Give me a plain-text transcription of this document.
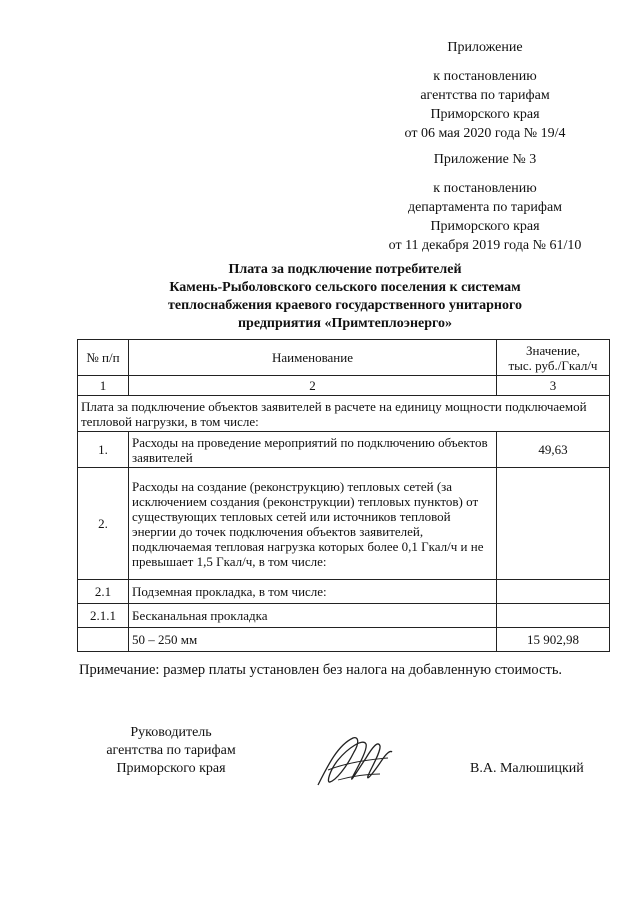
Приложение
к постановлению
агентства по тарифам
Приморского края
от 06 мая 2020 года № 19/4
Приложение № 3
к постановлению
департамента по тарифам
Приморского края
от 11 декабря 2019 года № 61/10
Плата за подключение потребителей
Камень-Рыболовского сельского поселения к системам
теплоснабжения краевого государственного унитарного
предприятия «Примтеплоэнерго»
№ п/п	Наименование	Значение,
тыс. руб./Гкал/ч

1	2	3
Плата за подключение объектов заявителей в расчете на единицу мощности подключаемой тепловой нагрузки, в том числе:		
1.	Расходы на проведение мероприятий по подключению объектов заявителей	49,63
2.	Расходы на создание (реконструкцию) тепловых сетей (за исключением создания (реконструкции) тепловых пунктов) от существующих тепловых сетей или источников тепловой энергии до точек подключения объектов заявителей, подключаемая тепловая нагрузка которых более 0,1 Гкал/ч и не превышает 1,5 Гкал/ч, в том числе:	
2.1	Подземная прокладка, в том числе:	
2.1.1	Бесканальная прокладка	
	50 – 250 мм	15 902,98
Примечание: размер платы установлен без налога на добавленную стоимость.
Руководитель
агентства по тарифам
Приморского края	В.А. Малюшицкий
